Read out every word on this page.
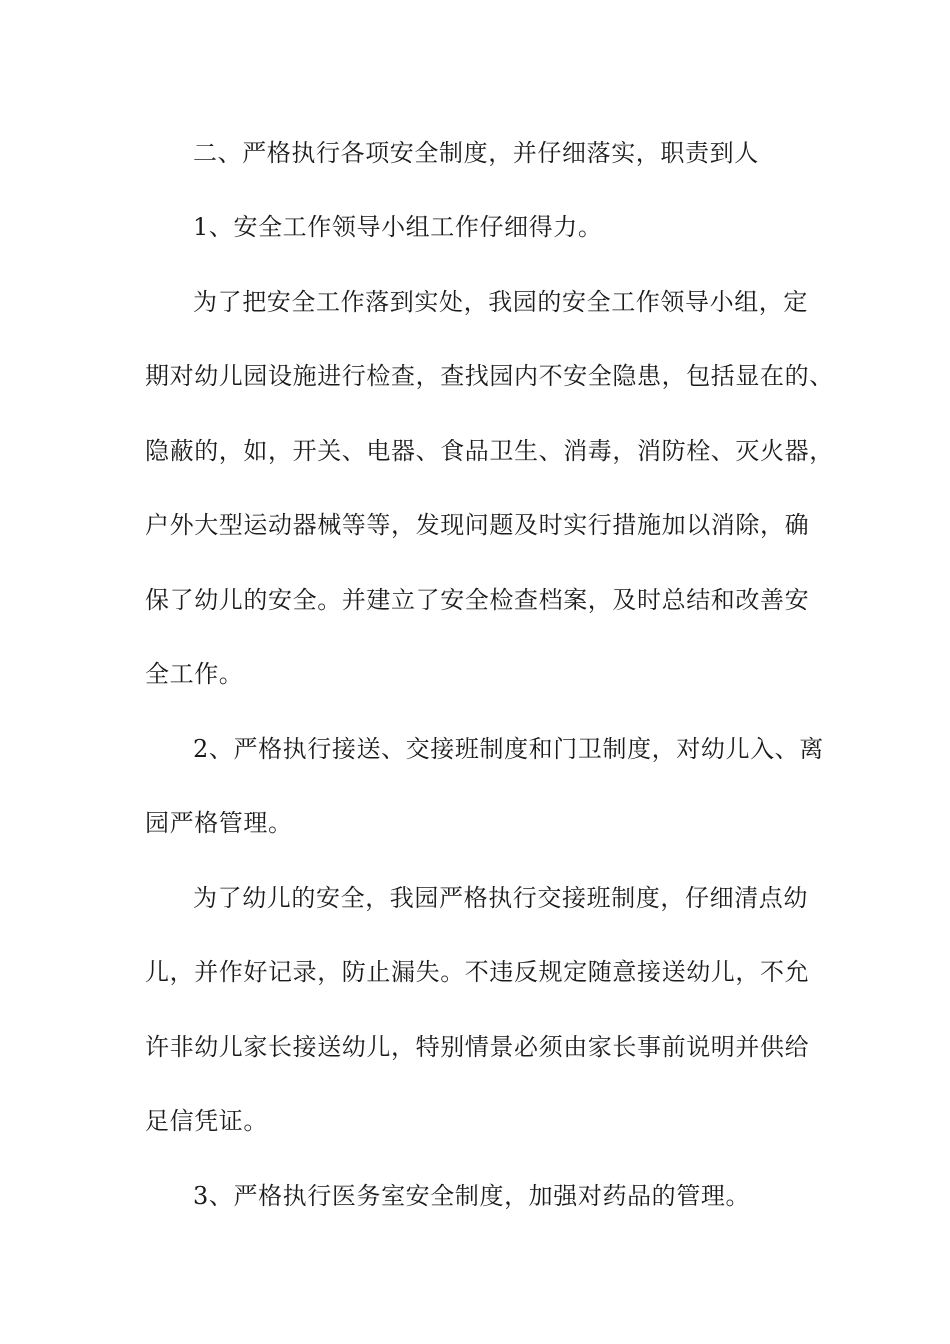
二、严格执行各项安全制度，并仔细落实，职责到人
1、安全工作领导小组工作仔细得力。
为了把安全工作落到实处，我园的安全工作领导小组，定
期对幼儿园设施进行检查，查找园内不安全隐患，包括显在的、
隐蔽的，如，开关、电器、食品卫生、消毒，消防栓、灭火器，
户外大型运动器械等等，发现问题及时实行措施加以消除，确
保了幼儿的安全。并建立了安全检查档案，及时总结和改善安
全工作。
2、严格执行接送、交接班制度和门卫制度，对幼儿入、离
园严格管理。
为了幼儿的安全，我园严格执行交接班制度，仔细清点幼
儿，并作好记录，防止漏失。不违反规定随意接送幼儿，不允
许非幼儿家长接送幼儿，特别情景必须由家长事前说明并供给
足信凭证。
3、严格执行医务室安全制度，加强对药品的管理。
